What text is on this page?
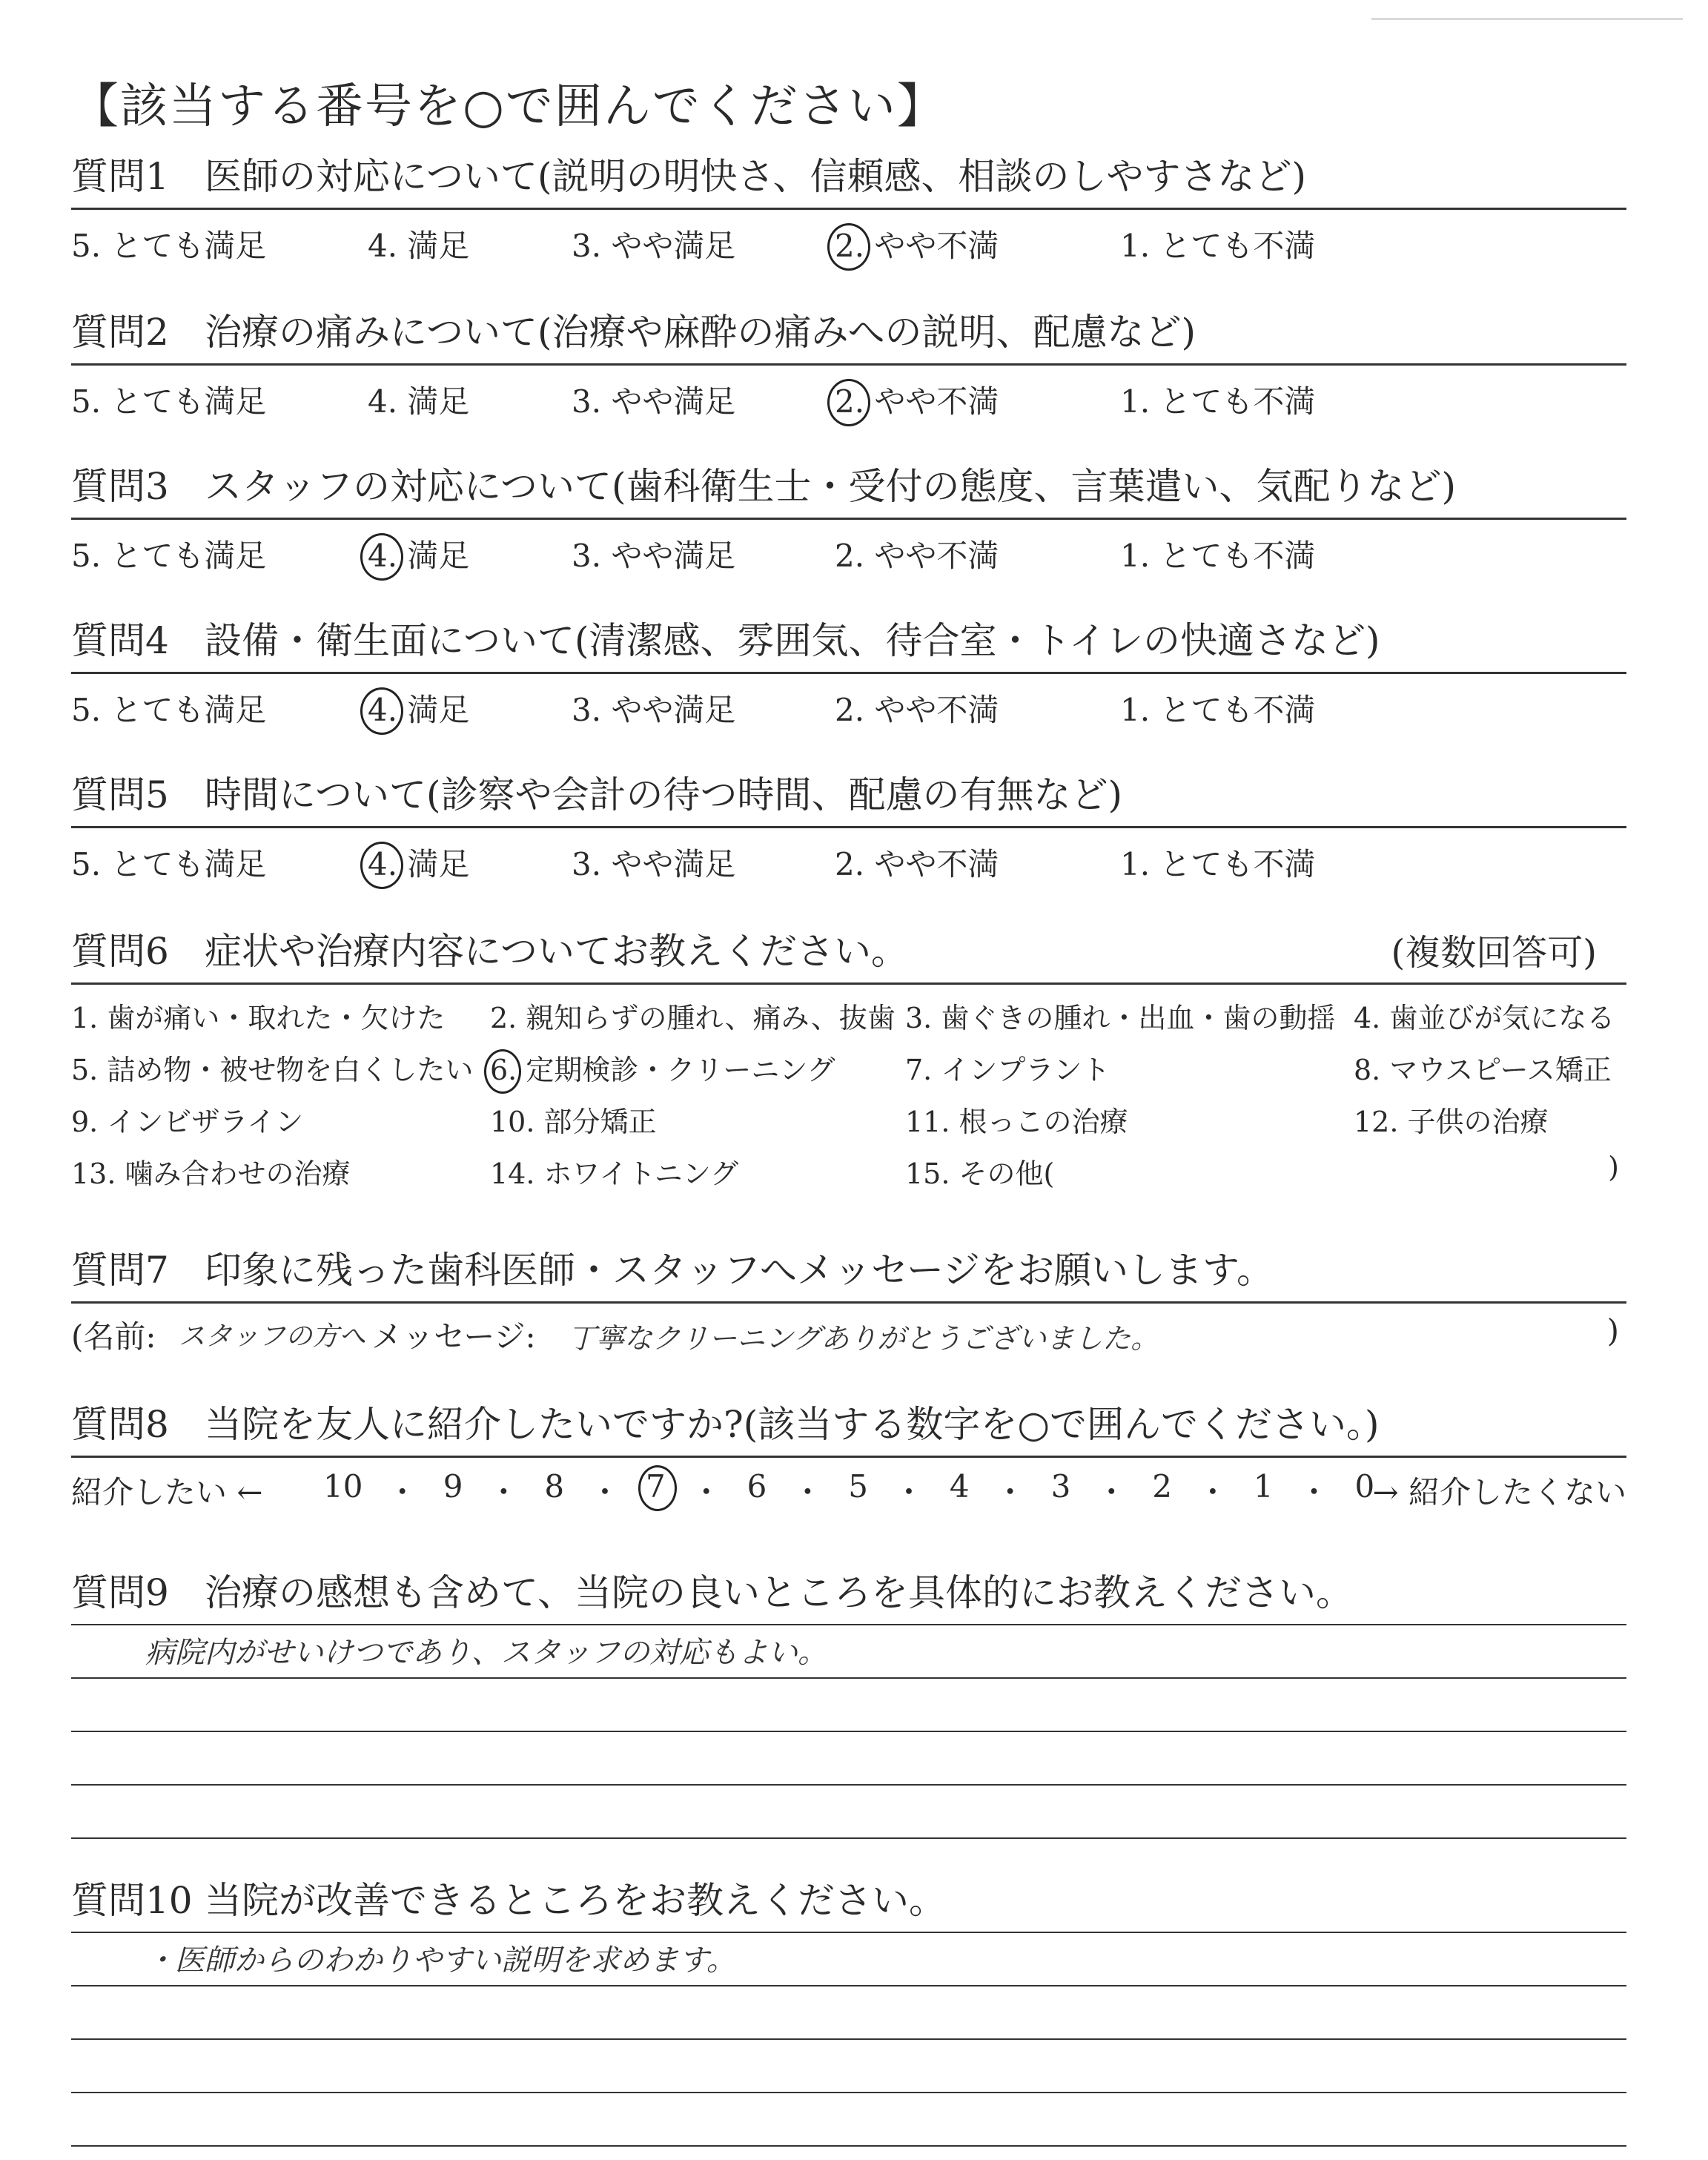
【該当する番号を○で囲んでください】
質問1 医師の対応について(説明の明快さ、信頼感、相談のしやすさなど)
5. とても満足	4. 満足	3. やや満足	2. やや不満	1. とても不満
質問2 治療の痛みについて(治療や麻酔の痛みへの説明、配慮など)
5. とても満足	4. 満足	3. やや満足	2. やや不満	1. とても不満
質問3 スタッフの対応について(歯科衛生士・受付の態度、言葉遣い、気配りなど)
5. とても満足	4. 満足	3. やや満足	2. やや不満	1. とても不満
質問4 設備・衛生面について(清潔感、雰囲気、待合室・トイレの快適さなど)
5. とても満足	4. 満足	3. やや満足	2. やや不満	1. とても不満
質問5 時間について(診察や会計の待つ時間、配慮の有無など)
5. とても満足	4. 満足	3. やや満足	2. やや不満	1. とても不満
質問6 症状や治療内容についてお教えください。	(複数回答可)
1. 歯が痛い・取れた・欠けた 2. 親知らずの腫れ、痛み、抜歯 3. 歯ぐきの腫れ・出血・歯の動揺 4. 歯並びが気になる
5. 詰め物・被せ物を白くしたい 6. 定期検診・クリーニング 7. インプラント	8. マウスピース矯正
9. インビザライン	10. 部分矯正	11. 根っこの治療	12. 子供の治療
13. 噛み合わせの治療	14. ホワイトニング	15. その他(	)
質問7 印象に残った歯科医師・スタッフへメッセージをお願いします。
(名前: スタッフの方へ メッセージ: 丁寧なクリーニングありがとうございました。	)
質問8 当院を友人に紹介したいですか?(該当する数字を○で囲んでください。)
紹介したい ← 10 ・ 9 ・ 8 ・ 7 ・ 6 ・ 5 ・ 4 ・ 3 ・ 2 ・ 1 ・ 0
→ 紹介したくない
質問9 治療の感想も含めて、当院の良いところを具体的にお教えください。
病院内がせいけつであり、スタッフの対応もよい。
質問10 当院が改善できるところをお教えください。
・医師からのわかりやすい説明を求めます。
